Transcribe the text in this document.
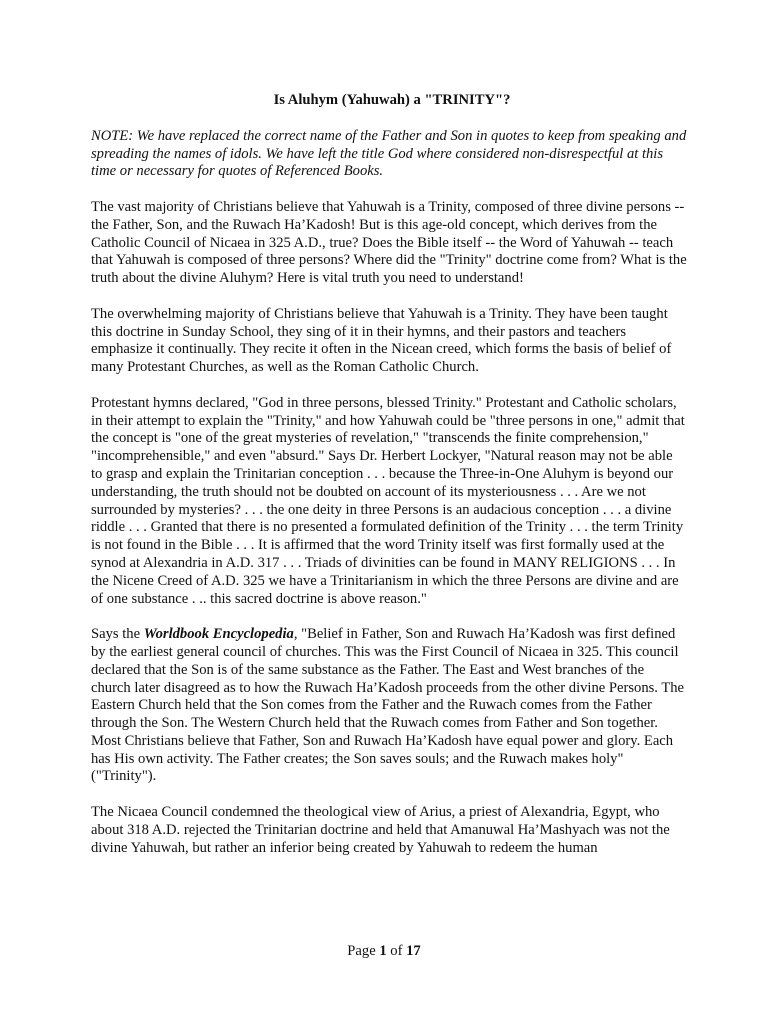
Is Aluhym (Yahuwah) a "TRINITY"?

NOTE: We have replaced the correct name of the Father and Son in quotes to keep from speaking and spreading the names of idols. We have left the title God where considered non-disrespectful at this time or necessary for quotes of Referenced Books.

The vast majority of Christians believe that Yahuwah is a Trinity, composed of three divine persons -- the Father, Son, and the Ruwach Ha’Kadosh! But is this age-old concept, which derives from the Catholic Council of Nicaea in 325 A.D., true? Does the Bible itself -- the Word of Yahuwah -- teach that Yahuwah is composed of three persons? Where did the "Trinity" doctrine come from? What is the truth about the divine Aluhym? Here is vital truth you need to understand!

The overwhelming majority of Christians believe that Yahuwah is a Trinity. They have been taught this doctrine in Sunday School, they sing of it in their hymns, and their pastors and teachers emphasize it continually. They recite it often in the Nicean creed, which forms the basis of belief of many Protestant Churches, as well as the Roman Catholic Church.

Protestant hymns declared, "God in three persons, blessed Trinity." Protestant and Catholic scholars, in their attempt to explain the "Trinity," and how Yahuwah could be "three persons in one," admit that the concept is "one of the great mysteries of revelation," "transcends the finite comprehension," "incomprehensible," and even "absurd." Says Dr. Herbert Lockyer, "Natural reason may not be able to grasp and explain the Trinitarian conception . . . because the Three-in-One Aluhym is beyond our understanding, the truth should not be doubted on account of its mysteriousness . . . Are we not surrounded by mysteries? . . . the one deity in three Persons is an audacious conception . . . a divine riddle . . . Granted that there is no presented a formulated definition of the Trinity . . . the term Trinity is not found in the Bible . . . It is affirmed that the word Trinity itself was first formally used at the synod at Alexandria in A.D. 317 . . . Triads of divinities can be found in MANY RELIGIONS . . . In the Nicene Creed of A.D. 325 we have a Trinitarianism in which the three Persons are divine and are of one substance . .. this sacred doctrine is above reason."

Says the Worldbook Encyclopedia, "Belief in Father, Son and Ruwach Ha’Kadosh was first defined by the earliest general council of churches. This was the First Council of Nicaea in 325. This council declared that the Son is of the same substance as the Father. The East and West branches of the church later disagreed as to how the Ruwach Ha’Kadosh proceeds from the other divine Persons. The Eastern Church held that the Son comes from the Father and the Ruwach comes from the Father through the Son. The Western Church held that the Ruwach comes from Father and Son together. Most Christians believe that Father, Son and Ruwach Ha’Kadosh have equal power and glory. Each has His own activity. The Father creates; the Son saves souls; and the Ruwach makes holy" ("Trinity").

The Nicaea Council condemned the theological view of Arius, a priest of Alexandria, Egypt, who about 318 A.D. rejected the Trinitarian doctrine and held that Amanuwal Ha’Mashyach was not the divine Yahuwah, but rather an inferior being created by Yahuwah to redeem the human

Page 1 of 17
